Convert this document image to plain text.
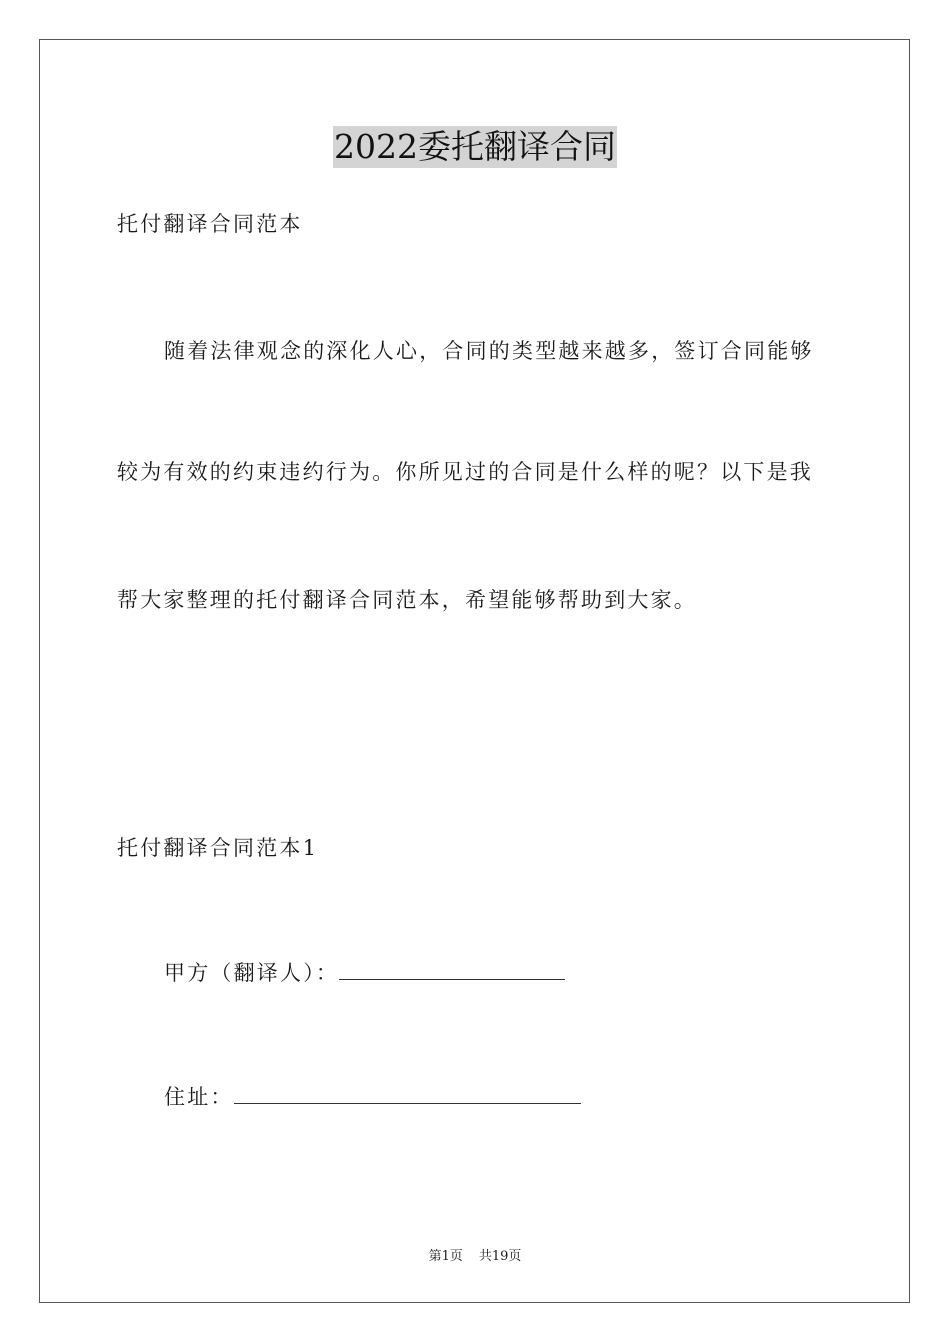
2022委托翻译合同
托付翻译合同范本
随着法律观念的深化人心，合同的类型越来越多，签订合同能够
较为有效的约束违约行为。你所见过的合同是什么样的呢？以下是我
帮大家整理的托付翻译合同范本，希望能够帮助到大家。
托付翻译合同范本1
甲方（翻译人）：
住址：
第1页 共19页
